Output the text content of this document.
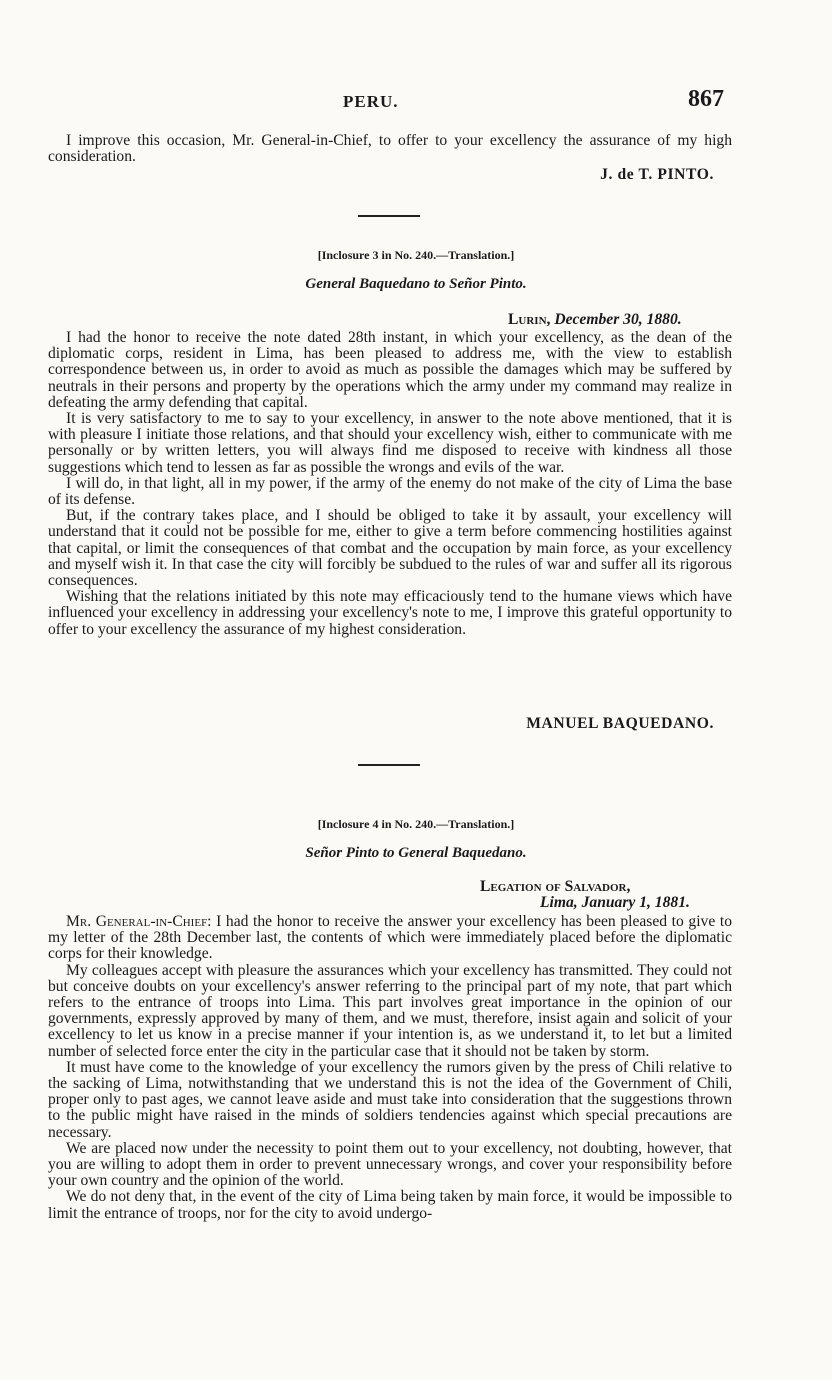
PERU.	867

I improve this occasion, Mr. General-in-Chief, to offer to your excellency the assurance of my high consideration.

J. de T. PINTO.
[Inclosure 3 in No. 240.—Translation.]
General Baquedano to Señor Pinto.
Lurin, December 30, 1880.

I had the honor to receive the note dated 28th instant, in which your excellency, as the dean of the diplomatic corps, resident in Lima, has been pleased to address me, with the view to establish correspondence between us, in order to avoid as much as possible the damages which may be suffered by neutrals in their persons and property by the operations which the army under my command may realize in defeating the army defending that capital.

It is very satisfactory to me to say to your excellency, in answer to the note above mentioned, that it is with pleasure I initiate those relations, and that should your excellency wish, either to communicate with me personally or by written letters, you will always find me disposed to receive with kindness all those suggestions which tend to lessen as far as possible the wrongs and evils of the war.

I will do, in that light, all in my power, if the army of the enemy do not make of the city of Lima the base of its defense.

But, if the contrary takes place, and I should be obliged to take it by assault, your excellency will understand that it could not be possible for me, either to give a term before commencing hostilities against that capital, or limit the consequences of that combat and the occupation by main force, as your excellency and myself wish it. In that case the city will forcibly be subdued to the rules of war and suffer all its rigorous consequences.

Wishing that the relations initiated by this note may efficaciously tend to the humane views which have influenced your excellency in addressing your excellency's note to me, I improve this grateful opportunity to offer to your excellency the assurance of my highest consideration.

MANUEL BAQUEDANO.
[Inclosure 4 in No. 240.—Translation.]
Señor Pinto to General Baquedano.
Legation of Salvador,
Lima, January 1, 1881.

Mr. General-in-Chief: I had the honor to receive the answer your excellency has been pleased to give to my letter of the 28th December last, the contents of which were immediately placed before the diplomatic corps for their knowledge.

My colleagues accept with pleasure the assurances which your excellency has transmitted. They could not but conceive doubts on your excellency's answer referring to the principal part of my note, that part which refers to the entrance of troops into Lima. This part involves great importance in the opinion of our governments, expressly approved by many of them, and we must, therefore, insist again and solicit of your excellency to let us know in a precise manner if your intention is, as we understand it, to let but a limited number of selected force enter the city in the particular case that it should not be taken by storm.

It must have come to the knowledge of your excellency the rumors given by the press of Chili relative to the sacking of Lima, notwithstanding that we understand this is not the idea of the Government of Chili, proper only to past ages, we cannot leave aside and must take into consideration that the suggestions thrown to the public might have raised in the minds of soldiers tendencies against which special precautions are necessary.

We are placed now under the necessity to point them out to your excellency, not doubting, however, that you are willing to adopt them in order to prevent unnecessary wrongs, and cover your responsibility before your own country and the opinion of the world.

We do not deny that, in the event of the city of Lima being taken by main force, it would be impossible to limit the entrance of troops, nor for the city to avoid undergo-
